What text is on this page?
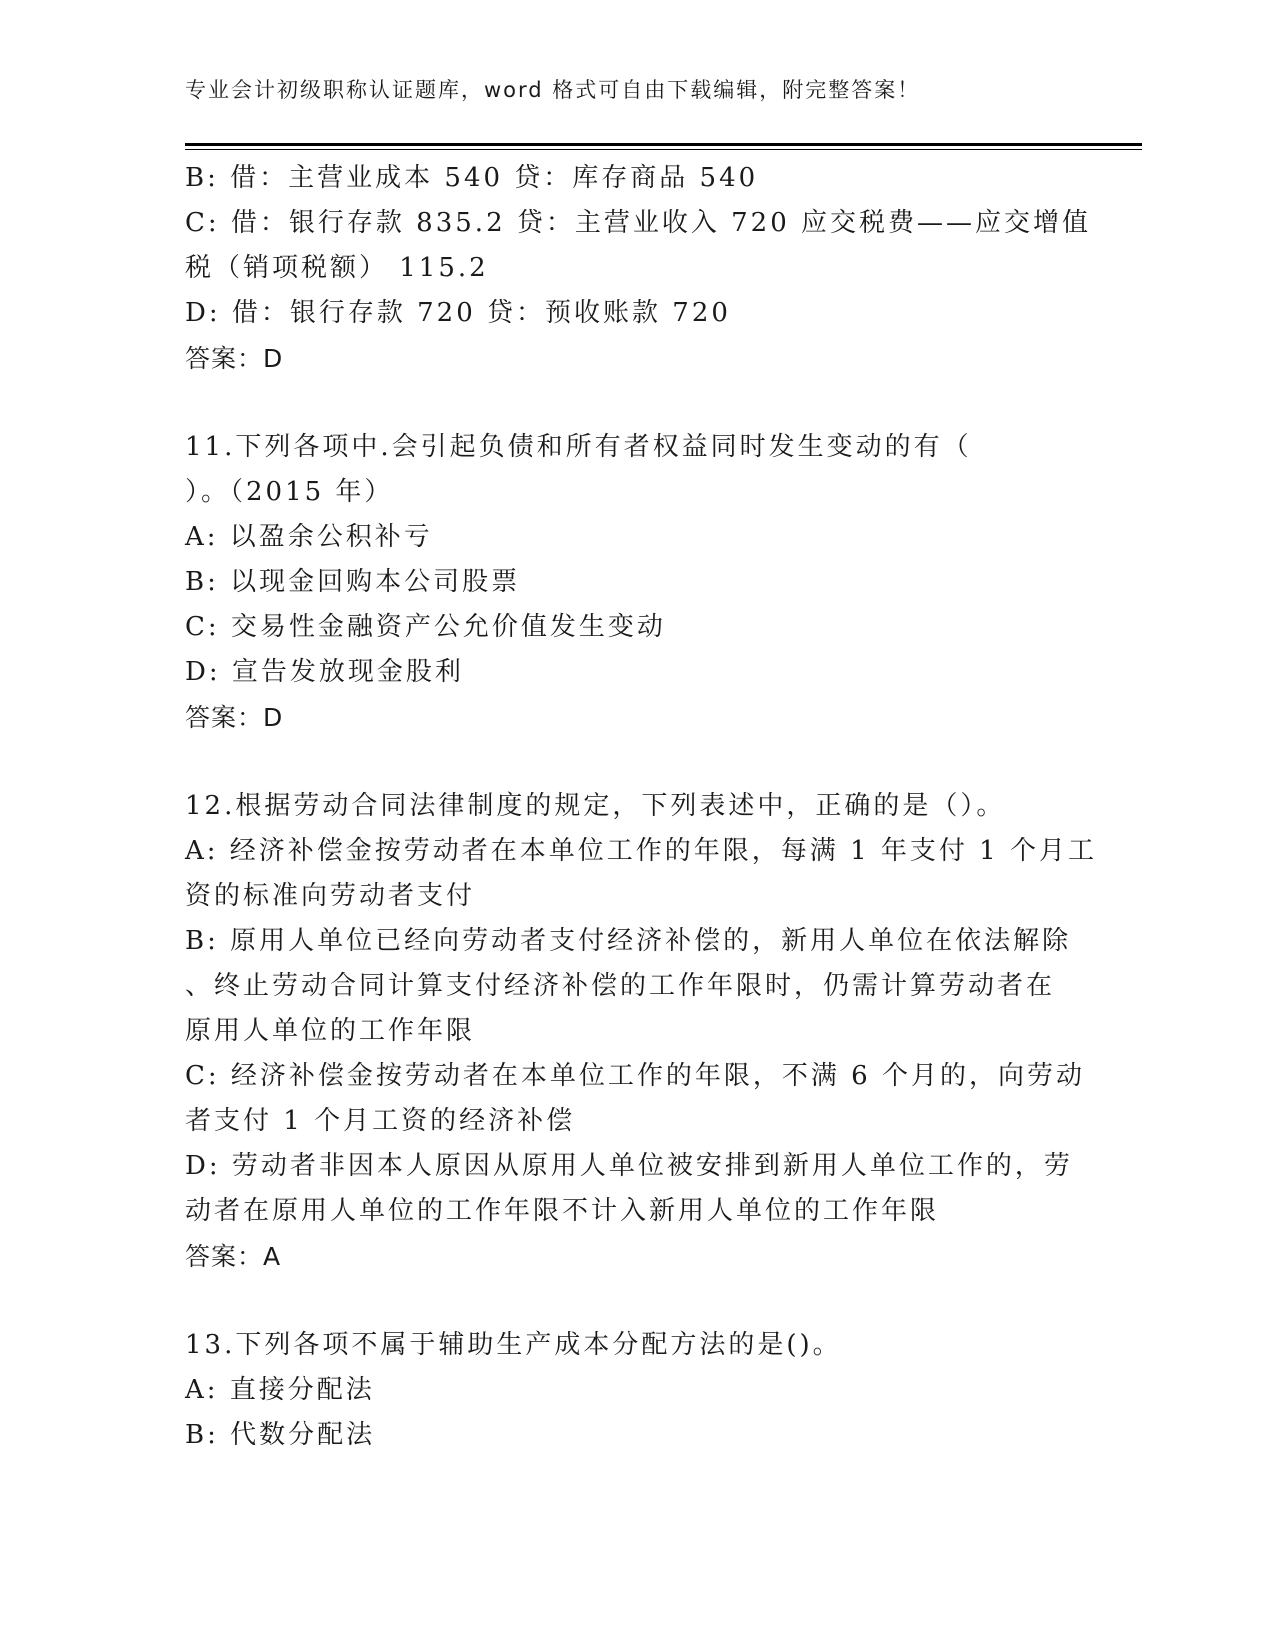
专业会计初级职称认证题库，word 格式可自由下载编辑，附完整答案！
B: 借：主营业成本 540 贷：库存商品 540
C: 借：银行存款 835.2 贷：主营业收入 720 应交税费——应交增值
税（销项税额） 115.2
D: 借：银行存款 720 贷：预收账款 720
答案：D
11.下列各项中.会引起负债和所有者权益同时发生变动的有（
）。（2015 年）
A: 以盈余公积补亏
B: 以现金回购本公司股票
C: 交易性金融资产公允价值发生变动
D: 宣告发放现金股利
答案：D
12.根据劳动合同法律制度的规定，下列表述中，正确的是（）。
A: 经济补偿金按劳动者在本单位工作的年限，每满 1 年支付 1 个月工
资的标准向劳动者支付
B: 原用人单位已经向劳动者支付经济补偿的，新用人单位在依法解除
、终止劳动合同计算支付经济补偿的工作年限时，仍需计算劳动者在
原用人单位的工作年限
C: 经济补偿金按劳动者在本单位工作的年限，不满 6 个月的，向劳动
者支付 1 个月工资的经济补偿
D: 劳动者非因本人原因从原用人单位被安排到新用人单位工作的，劳
动者在原用人单位的工作年限不计入新用人单位的工作年限
答案：A
13.下列各项不属于辅助生产成本分配方法的是()。
A: 直接分配法
B: 代数分配法
